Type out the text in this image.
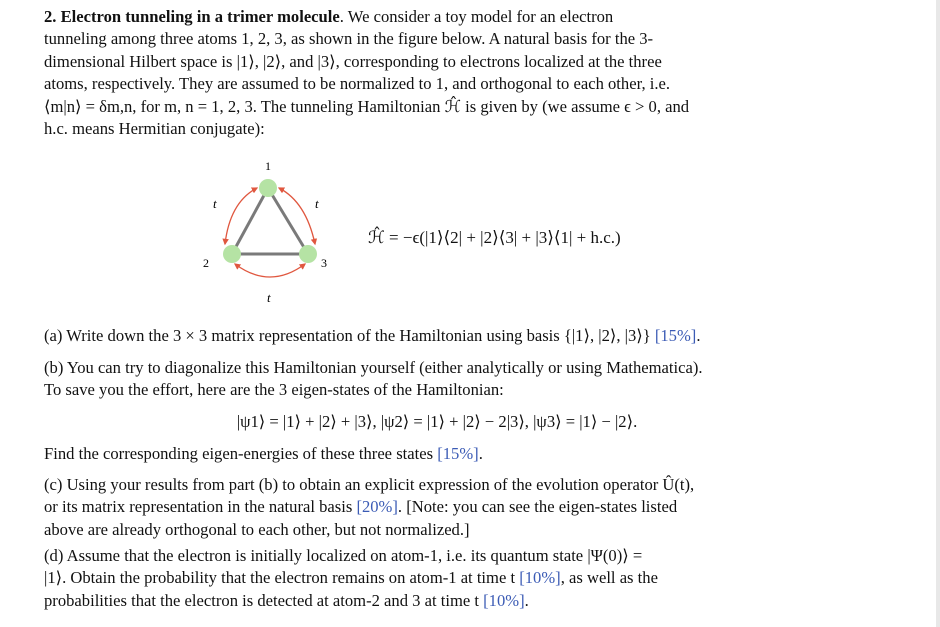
2. Electron tunneling in a trimer molecule. We consider a toy model for an electron
tunneling among three atoms 1, 2, 3, as shown in the figure below. A natural basis for the 3-
dimensional Hilbert space is |1⟩, |2⟩, and |3⟩, corresponding to electrons localized at the three
atoms, respectively. They are assumed to be normalized to 1, and orthogonal to each other, i.e.
⟨m|n⟩ = δm,n, for m, n = 1, 2, 3. The tunneling Hamiltonian ℋ̂ is given by (we assume ϵ > 0, and
h.c. means Hermitian conjugate):
1
2	3
t	t
t
ℋ̂ = −ϵ(|1⟩⟨2| + |2⟩⟨3| + |3⟩⟨1| + h.c.)
(a) Write down the 3 × 3 matrix representation of the Hamiltonian using basis {|1⟩, |2⟩, |3⟩} [15%].
(b) You can try to diagonalize this Hamiltonian yourself (either analytically or using Mathematica).
To save you the effort, here are the 3 eigen-states of the Hamiltonian:
|ψ1⟩ = |1⟩ + |2⟩ + |3⟩, |ψ2⟩ = |1⟩ + |2⟩ − 2|3⟩, |ψ3⟩ = |1⟩ − |2⟩.
Find the corresponding eigen-energies of these three states [15%].
(c) Using your results from part (b) to obtain an explicit expression of the evolution operator Û(t),
or its matrix representation in the natural basis [20%]. [Note: you can see the eigen-states listed
above are already orthogonal to each other, but not normalized.]
(d) Assume that the electron is initially localized on atom-1, i.e. its quantum state |Ψ(0)⟩ =
|1⟩. Obtain the probability that the electron remains on atom-1 at time t [10%], as well as the
probabilities that the electron is detected at atom-2 and 3 at time t [10%].
